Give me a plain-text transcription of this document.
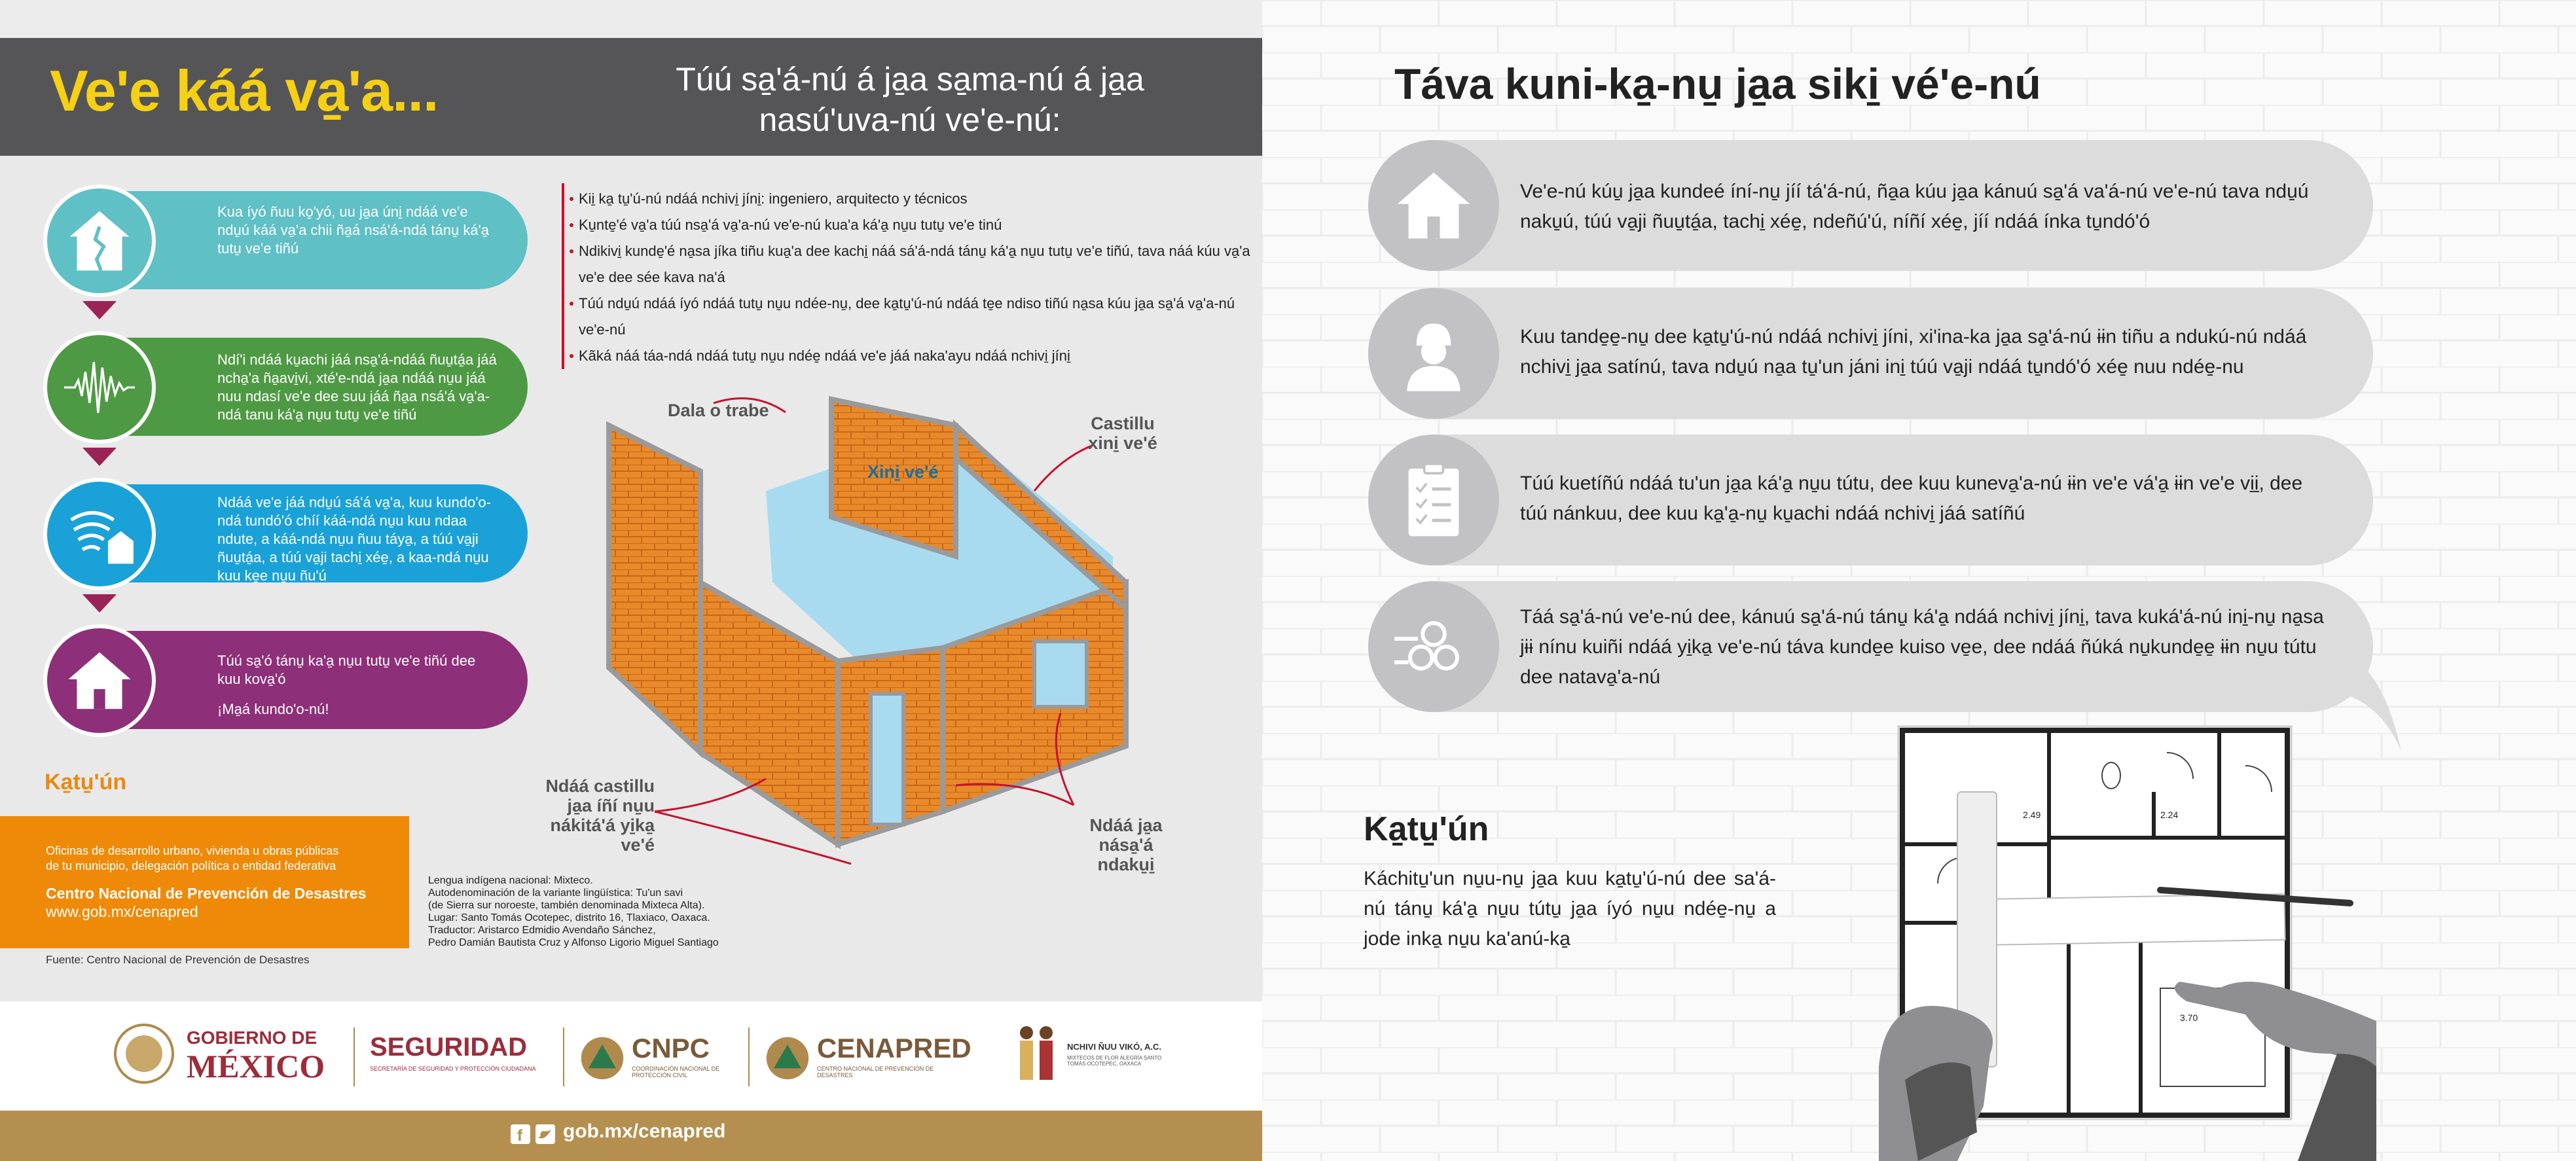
Ve'e káá va̱'a...	Túú sa̱'á-nú á ja̱a sa̱ma-nú á ja̱a nasú'uva-nú ve'e-nú:
Kua íyó ñuu ko̱'yó, uu ja̱a úni̱ ndáá ve'e ndu̱ú káá va̱'a chii ña̱á nsá'á-ndá tánu̱ ká'a̱ tutu̱ ve'e tiñú
Ndí'i ndáá ku̱achi jáá nsa̱'á-ndáá ñuu̱tá̱a jáá ncha̱'a ña̱avi̱vi, xté'e-ndá ja̱a ndáá nu̱u jáá nuu ndasí ve'e dee suu jáá ña̱a nsá'á va̱'a-ndá tanu ká'a̱ nu̱u tutu̱ ve'e tiñú
Ndáá ve'e jáá ndu̱ú sá'á va̱'a, kuu kundo'o-ndá tundó'ó chíí káá-ndá nu̱u kuu ndaa ndute, a káá-ndá nu̱u ñuu táya̱, a túú va̱ji ñuu̱tá̱a, a túú va̱ji tachi̱ xée̱, a kaa-ndá nu̱u kuu ke̱e nu̱u ñu'ú
Túú sa̱'ó tánu̱ ka'a̱ nu̱u tutu̱ ve'e tiñú dee kuu kova̱'ó
¡Ma̱á kundo'o-nú!
Ka̱tu̱'ún
Oficinas de desarrollo urbano, vivienda u obras públicas
de tu municipio, delegación política o entidad federativa
Centro Nacional de Prevención de Desastres
www.gob.mx/cenapred
Fuente: Centro Nacional de Prevención de Desastres
Lengua indígena nacional: Mixteco.
Autodenominación de la variante lingüística: Tu'un savi
(de Sierra sur noroeste, también denominada Mixteca Alta).
Lugar: Santo Tomás Ocotepec, distrito 16, Tlaxiaco, Oaxaca.
Traductor: Aristarco Edmidio Avendaño Sánchez,
Pedro Damián Bautista Cruz y Alfonso Ligorio Miguel Santiago
Kii̱ ka̱ tu̱'ú-nú ndáá nchivi̱ jíni̱: ingeniero, arquitecto y técnicos
Ku̱nte̱'é va̱'a túú nsa̱'á va̱'a-nú ve'e-nú kua'a ká'a̱ nu̱u tutu̱ ve'e tinú
Ndikivi̱ kunde̱'é na̱sa jíka tiñu kua̱'a dee kachi̱ náá sá'á-ndá tánu̱ ká'a̱ nu̱u tutu̱ ve'e tiñú, tava náá kúu va̱'a ve'e dee sée kava na'á
Túú ndu̱ú ndáá íyó ndáá tutu̱ nu̱u ndée-nu̱, dee ka̱tu̱'ú-nú ndáá te̱e ndiso tiñú na̱sa kúu ja̱a sa̱'á va̱'a-nú ve'e-nú
Kãká náá táa-ndá ndáá tutu̱ nu̱u ndée̱ ndáá ve'e jáá naka'ayu ndáá nchivi̱ jíni̱
Dala o trabe
Xini̱ ve'é
Castillu xini̱ ve'é
Ndáá castillu ja̱a íñí nu̱u nákitá'á yi̱ka̱ ve'é
Ndáá ja̱a nása̱'á ndaku̱i̱
GOBIERNO DE
MÉXICO
SEGURIDAD
SECRETARÍA DE SEGURIDAD Y PROTECCIÓN CIUDADANA
CNPC
COORDINACIÓN NACIONAL DE PROTECCIÓN CIVIL
CENAPRED
CENTRO NACIONAL DE PREVENCIÓN DE DESASTRES
NCHIVI ÑUU VIKÓ, A.C.
MIXTECOS DE FLOR ALEGRÍA SANTO TOMÁS OCOTEPEC, OAXACA
f gob.mx/cenapred
Táva kuni-ka̱-nu̱ ja̱a siki̱ vé'e-nú
Ve'e-nú kúu̱ ja̱a kundeé íní-nu̱ jíí tá'á-nú, ña̱a kúu ja̱a kánuú sa̱'á va'á-nú ve'e-nú tava ndu̱ú naku̱ú, túú va̱ji ñuu̱tá̱a, tachi̱ xée̱, ndeñú'ú, níñí xée̱, jíí ndáá ínka tu̱ndó'ó
Kuu tande̱e̱-nu̱ dee ka̱tu̱'ú-nú ndáá nchivi̱ jíni, xi'ina-ka ja̱a sa̱'á-nú ɨɨn tiñu a ndukú-nú ndáá nchivi̱ ja̱a satínú, tava ndu̱ú na̱a tu̱'un jáni ini̱ túú va̱ji ndáá tu̱ndó'ó xée̱ nuu ndée̱-nu
Túú kuetíñú ndáá tu'un ja̱a ká'a̱ nu̱u tútu, dee kuu kuneva̱'a-nú ɨɨn ve'e vá'a̱ ɨɨn ve'e vi̱i̱, dee túú nánkuu, dee kuu ka̱'a̱-nu̱ ku̱achi ndáá nchivi̱ jáá satíñú
Táá sa̱'á-nú ve'e-nú dee, kánuú sa̱'á-nú tánu̱ ká'a̱ ndáá nchivi̱ jíni̱, tava kuká'á-nú ini̱-nu̱ na̱sa jɨɨ nínu kuiñi ndáá yi̱ka̱ ve'e-nú táva kunde̱e kuiso ve̱e, dee ndáá ñúká nu̱kunde̱e̱ ɨɨn nu̱u tútu dee natava̱'a-nú
Ka̱tu̱'ún
Káchitu̱'un nu̱u-nu̱ ja̱a kuu ka̱tu̱'ú-nú dee sa'á-nú tánu̱ ká'a̱ nu̱u tútu̱ ja̱a íyó nu̱u ndée̱-nu̱ a jode inka̱ nu̱u ka'anú-ka̱
2.49	2.24
3.70
